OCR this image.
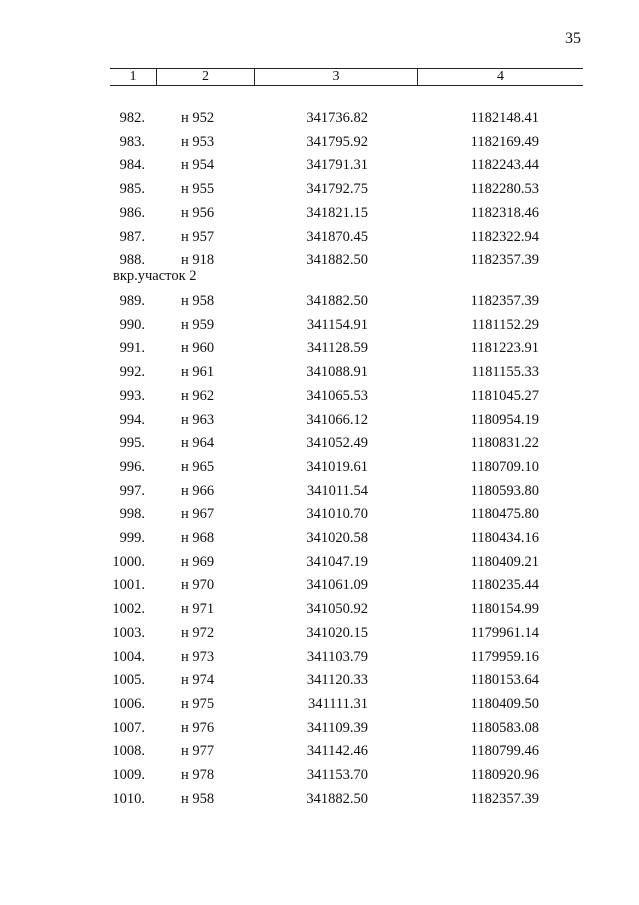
35
1	2	3	4
982. н 952	341736.82	1182148.41
983. н 953	341795.92	1182169.49
984. н 954	341791.31	1182243.44
985. н 955	341792.75	1182280.53
986. н 956	341821.15	1182318.46
987. н 957	341870.45	1182322.94
988. н 918	341882.50	1182357.39
вкр.участок 2
989. н 958	341882.50	1182357.39
990. н 959	341154.91	1181152.29
991. н 960	341128.59	1181223.91
992. н 961	341088.91	1181155.33
993. н 962	341065.53	1181045.27
994. н 963	341066.12	1180954.19
995. н 964	341052.49	1180831.22
996. н 965	341019.61	1180709.10
997. н 966	341011.54	1180593.80
998. н 967	341010.70	1180475.80
999. н 968	341020.58	1180434.16
1000. н 969	341047.19	1180409.21
1001. н 970	341061.09	1180235.44
1002. н 971	341050.92	1180154.99
1003. н 972	341020.15	1179961.14
1004. н 973	341103.79	1179959.16
1005. н 974	341120.33	1180153.64
1006. н 975	341111.31	1180409.50
1007. н 976	341109.39	1180583.08
1008. н 977	341142.46	1180799.46
1009. н 978	341153.70	1180920.96
1010. н 958	341882.50	1182357.39
